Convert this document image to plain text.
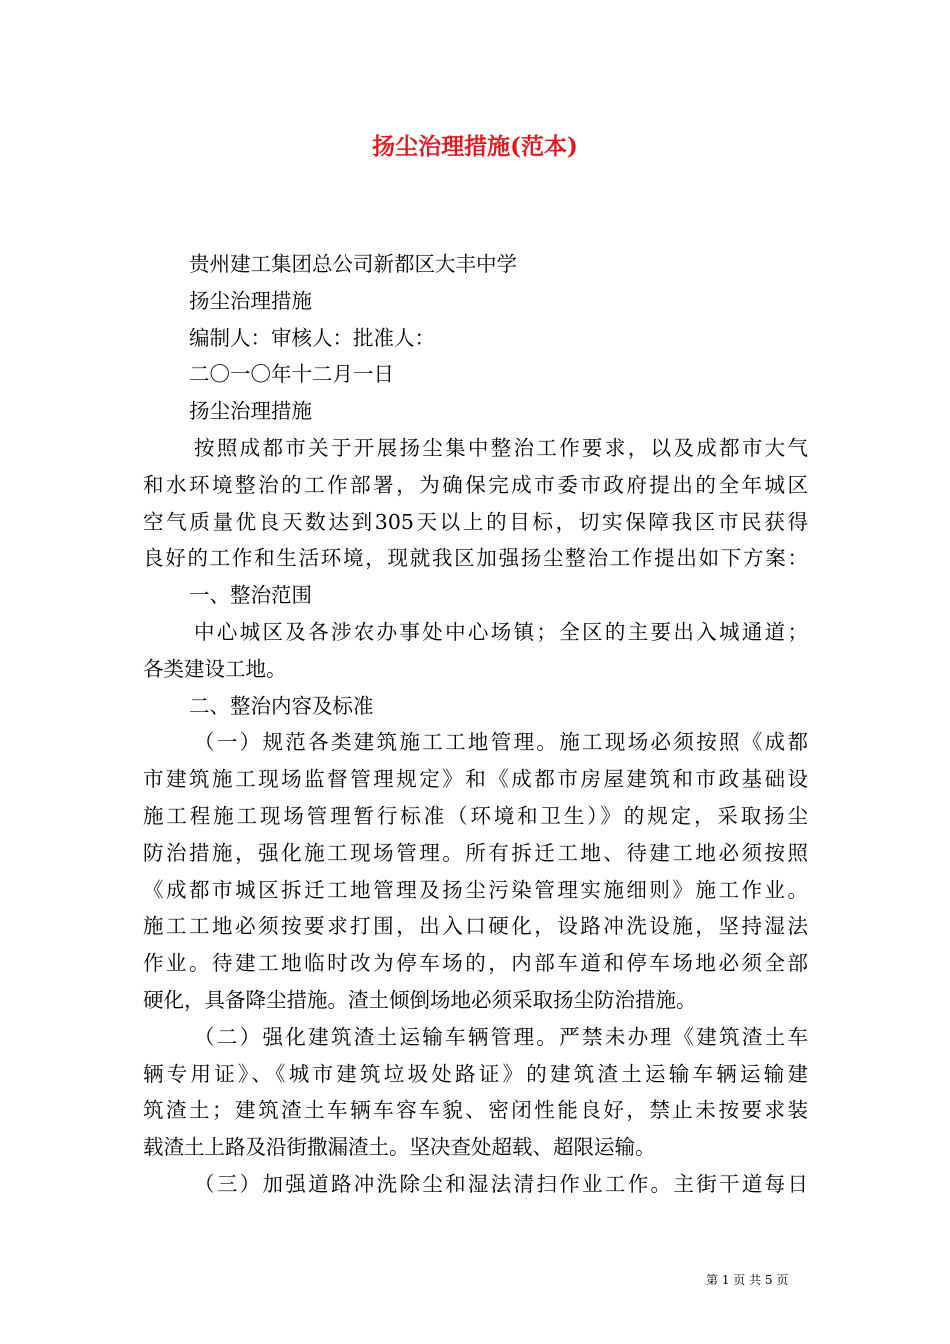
扬尘治理措施(范本)
贵州建工集团总公司新都区大丰中学
扬尘治理措施
编制人：审核人：批准人：
二〇一〇年十二月一日
扬尘治理措施
按照成都市关于开展扬尘集中整治工作要求，以及成都市大气
和水环境整治的工作部署，为确保完成市委市政府提出的全年城区
空气质量优良天数达到305天以上的目标，切实保障我区市民获得
良好的工作和生活环境，现就我区加强扬尘整治工作提出如下方案：
一、整治范围
中心城区及各涉农办事处中心场镇；全区的主要出入城通道；
各类建设工地。
二、整治内容及标准
（一）规范各类建筑施工工地管理。施工现场必须按照《成都
市建筑施工现场监督管理规定》和《成都市房屋建筑和市政基础设
施工程施工现场管理暂行标准（环境和卫生）》的规定，采取扬尘
防治措施，强化施工现场管理。所有拆迁工地、待建工地必须按照
《成都市城区拆迁工地管理及扬尘污染管理实施细则》施工作业。
施工工地必须按要求打围，出入口硬化，设路冲洗设施，坚持湿法
作业。待建工地临时改为停车场的，内部车道和停车场地必须全部
硬化，具备降尘措施。渣土倾倒场地必须采取扬尘防治措施。
（二）强化建筑渣土运输车辆管理。严禁未办理《建筑渣土车
辆专用证》、《城市建筑垃圾处路证》的建筑渣土运输车辆运输建
筑渣土；建筑渣土车辆车容车貌、密闭性能良好，禁止未按要求装
载渣土上路及沿街撒漏渣土。坚决查处超载、超限运输。
（三）加强道路冲洗除尘和湿法清扫作业工作。主街干道每日
第 1 页 共 5 页
